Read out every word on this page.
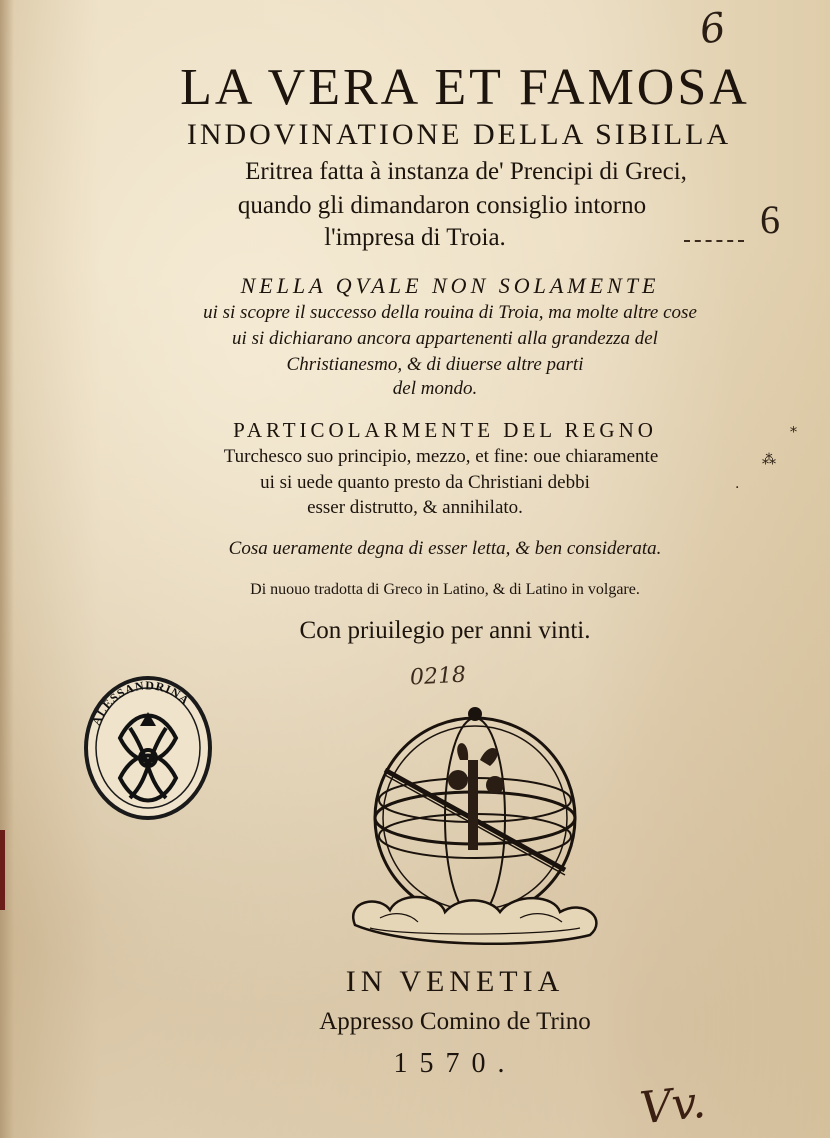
6

LA VERA ET FAMOSA

INDOVINATIONE DELLA SIBILLA

Eritrea fatta à instanza de' Prencipi di Greci,

quando gli dimandaron consiglio intorno

l'impresa di Troia.	6

NELLA QVALE NON SOLAMENTE

ui si scopre il successo della rouina di Troia, ma molte altre cose

ui si dichiarano ancora appartenenti alla grandezza del

Christianesmo, & di diuerse altre parti

del mondo.

PARTICOLARMENTE DEL REGNO

Turchesco suo principio, mezzo, et fine: oue chiaramente

ui si uede quanto presto da Christiani debbi

esser distrutto, & annihilato.

⁎
⁂
·

Cosa ueramente degna di esser letta, & ben considerata.

Di nuouo tradotta di Greco in Latino, & di Latino in volgare.

Con priuilegio per anni vinti.

0218
ALESSANDRINA

IN VENETIA

Appresso Comino de Trino

1570.

Vv.
